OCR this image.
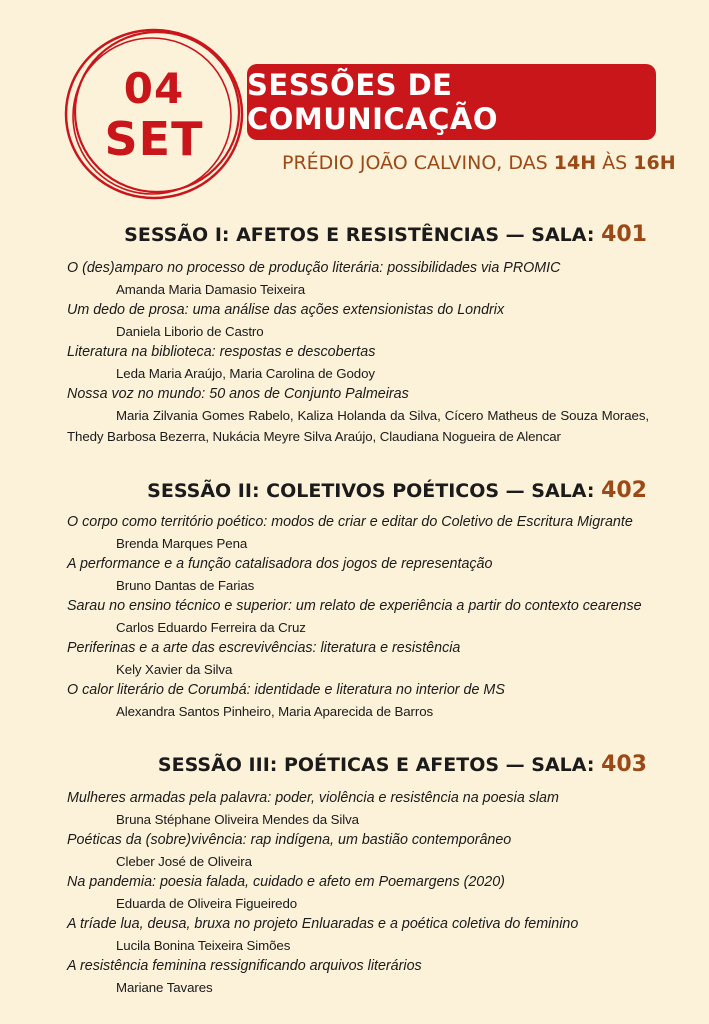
04
SET
SESSÕES DE COMUNICAÇÃO
PRÉDIO JOÃO CALVINO, DAS 14H ÀS 16H
SESSÃO I: AFETOS E RESISTÊNCIAS — SALA: 401
O (des)amparo no processo de produção literária: possibilidades via PROMIC
Amanda Maria Damasio Teixeira
Um dedo de prosa: uma análise das ações extensionistas do Londrix
Daniela Liborio de Castro
Literatura na biblioteca: respostas e descobertas
Leda Maria Araújo, Maria Carolina de Godoy
Nossa voz no mundo: 50 anos de Conjunto Palmeiras
Maria Zilvania Gomes Rabelo, Kaliza Holanda da Silva, Cícero Matheus de Souza Moraes, Thedy Barbosa Bezerra, Nukácia Meyre Silva Araújo, Claudiana Nogueira de Alencar
SESSÃO II: COLETIVOS POÉTICOS — SALA: 402
O corpo como território poético: modos de criar e editar do Coletivo de Escritura Migrante
Brenda Marques Pena
A performance e a função catalisadora dos jogos de representação
Bruno Dantas de Farias
Sarau no ensino técnico e superior: um relato de experiência a partir do contexto cearense
Carlos Eduardo Ferreira da Cruz
Periferinas e a arte das escrevivências: literatura e resistência
Kely Xavier da Silva
O calor literário de Corumbá: identidade e literatura no interior de MS
Alexandra Santos Pinheiro, Maria Aparecida de Barros
SESSÃO III: POÉTICAS E AFETOS — SALA: 403
Mulheres armadas pela palavra: poder, violência e resistência na poesia slam
Bruna Stéphane Oliveira Mendes da Silva
Poéticas da (sobre)vivência: rap indígena, um bastião contemporâneo
Cleber José de Oliveira
Na pandemia: poesia falada, cuidado e afeto em Poemargens (2020)
Eduarda de Oliveira Figueiredo
A tríade lua, deusa, bruxa no projeto Enluaradas e a poética coletiva do feminino
Lucila Bonina Teixeira Simões
A resistência feminina ressignificando arquivos literários
Mariane Tavares
